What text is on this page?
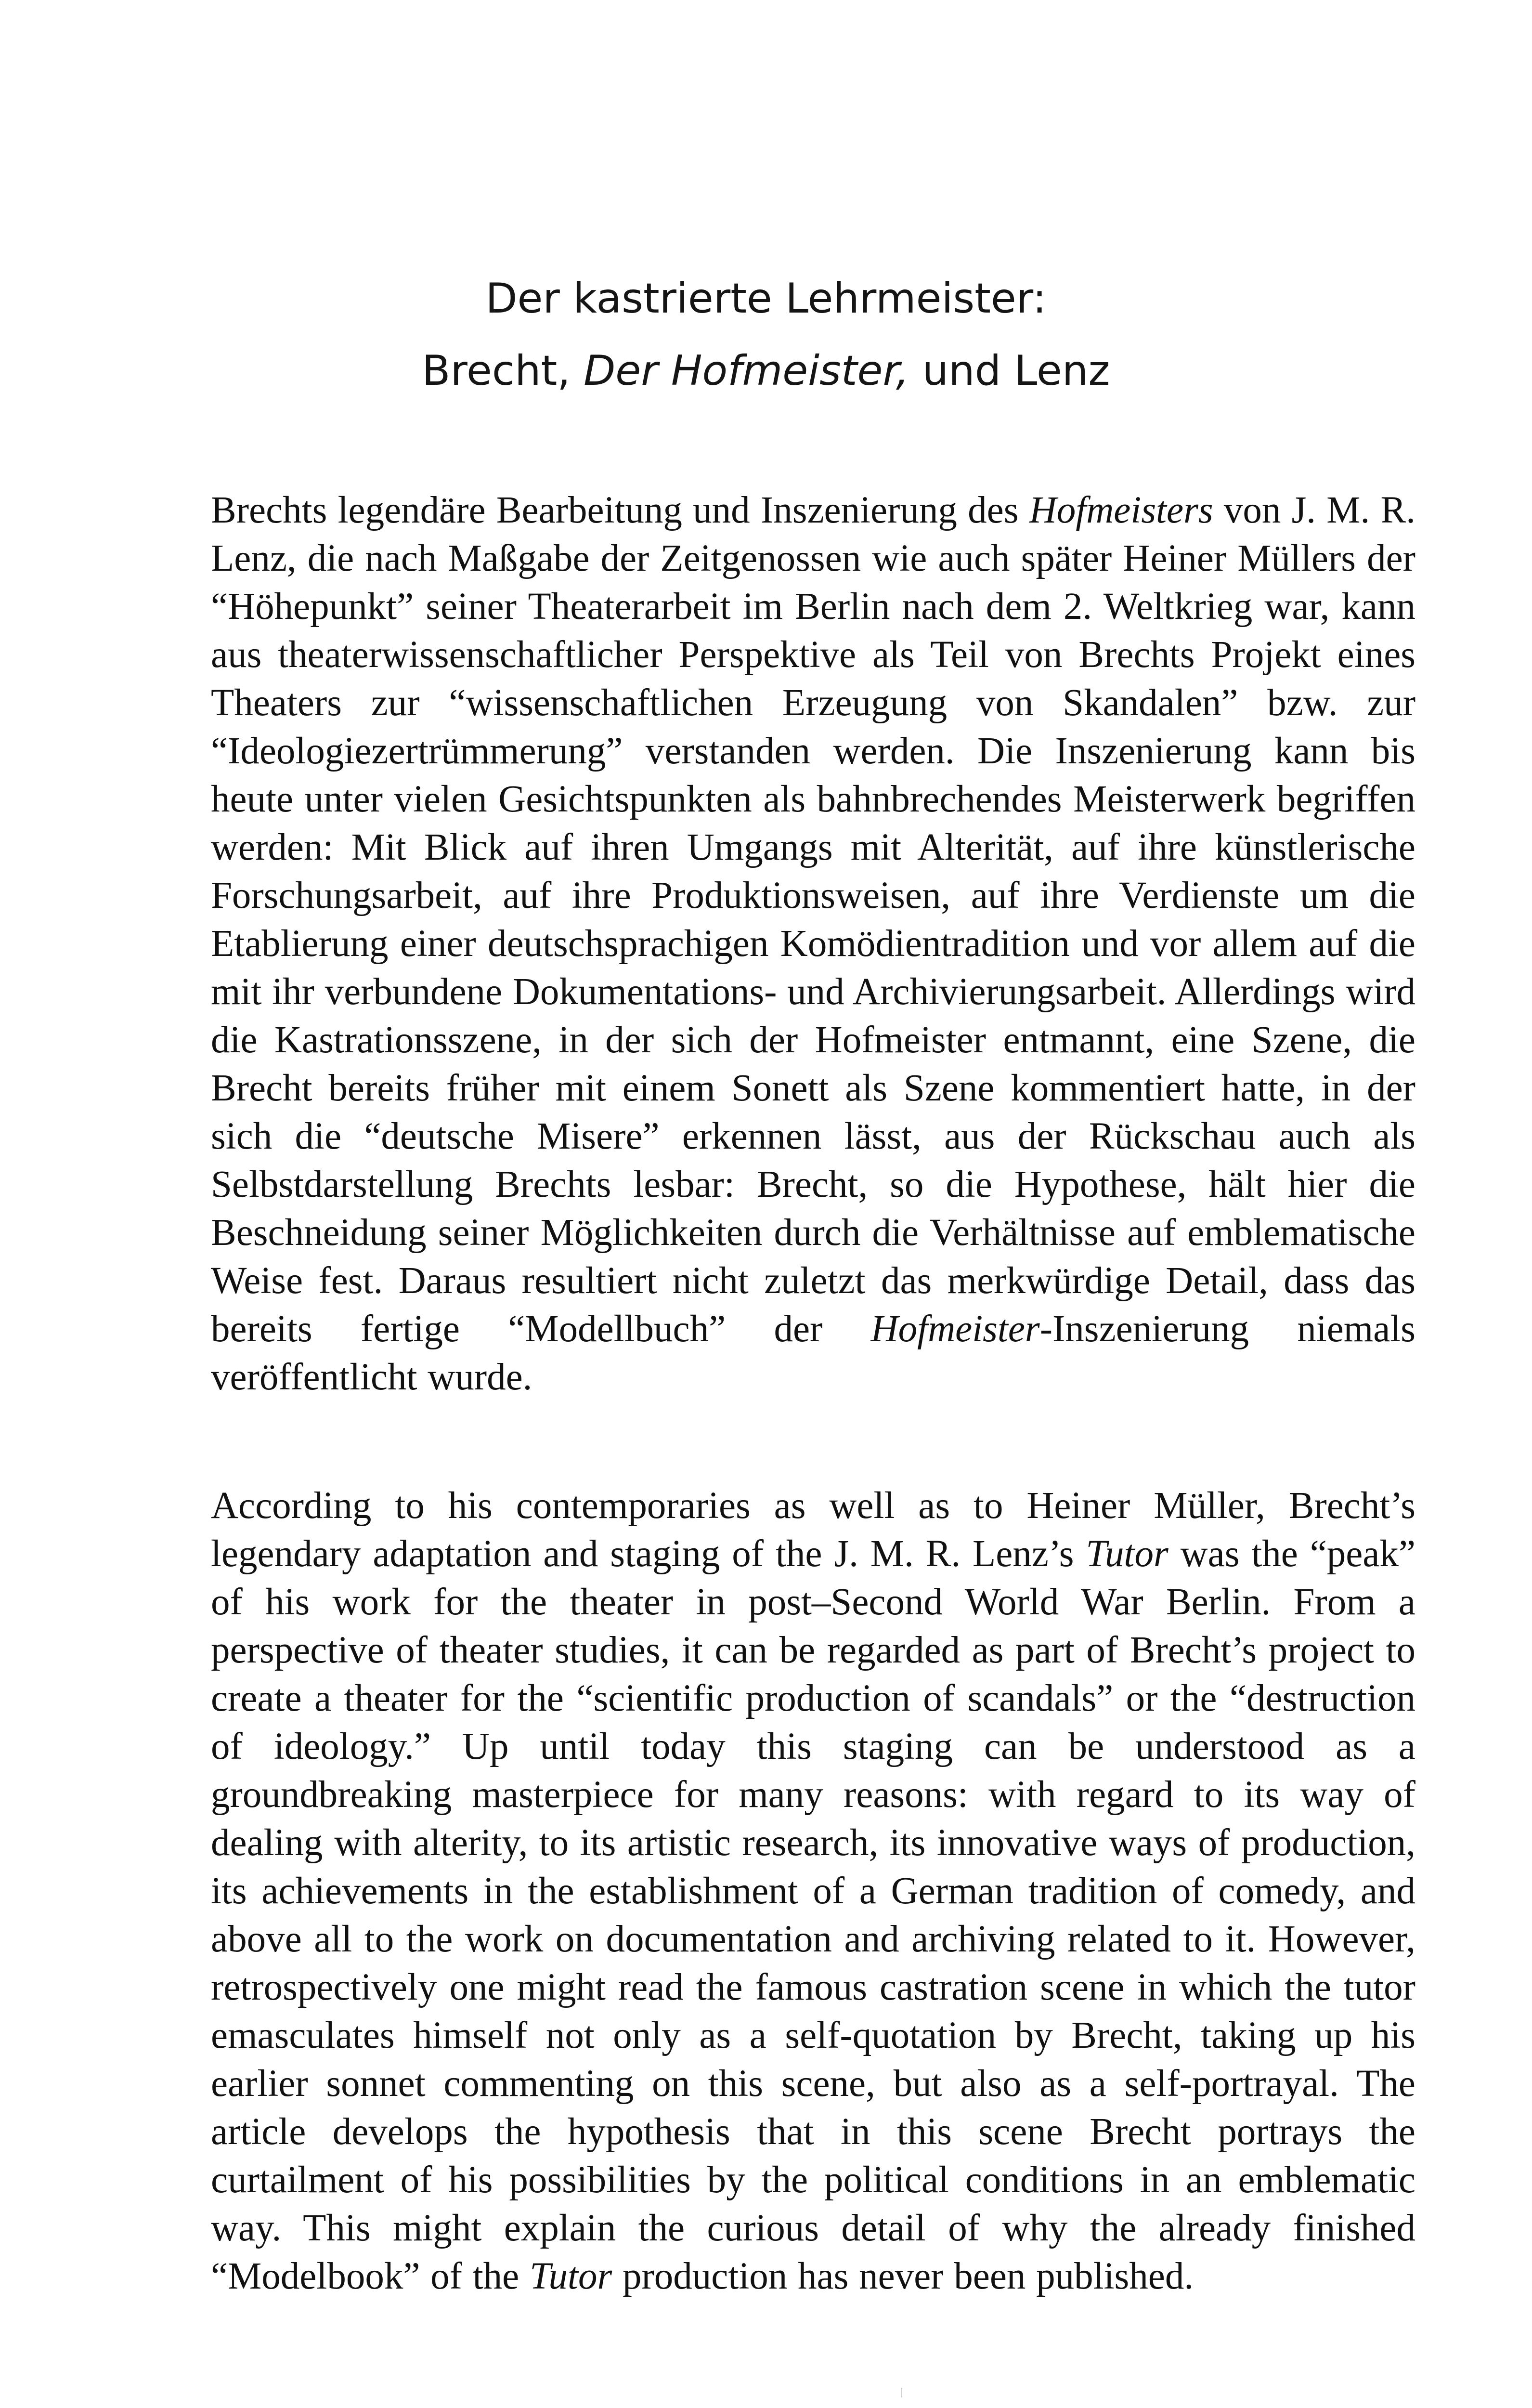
Der kastrierte Lehrmeister:
Brecht, Der Hofmeister, und Lenz
Brechts legendäre Bearbeitung und Inszenierung des Hofmeisters von J. M. R. Lenz, die nach Maßgabe der Zeitgenossen wie auch später Heiner Müllers der “Höhepunkt” seiner Theaterarbeit im Berlin nach dem 2. Weltkrieg war, kann aus theaterwissenschaftlicher Perspektive als Teil von Brechts Projekt eines Theaters zur “wissenschaftlichen Erzeugung von Skandalen” bzw. zur “Ideologiezertrümmerung” verstanden werden. Die Inszenierung kann bis heute unter vielen Gesichtspunkten als bahnbrechendes Meisterwerk begriffen werden: Mit Blick auf ihren Umgangs mit Alterität, auf ihre künstlerische Forschungsarbeit, auf ihre Produktionsweisen, auf ihre Verdienste um die Etablierung einer deutschsprachigen Komödientradition und vor allem auf die mit ihr verbundene Dokumentations- und Archivierungsarbeit. Allerdings wird die Kastrationsszene, in der sich der Hofmeister entmannt, eine Szene, die Brecht bereits früher mit einem Sonett als Szene kommentiert hatte, in der sich die “deutsche Misere” erkennen lässt, aus der Rückschau auch als Selbstdarstellung Brechts lesbar: Brecht, so die Hypothese, hält hier die Beschneidung seiner Möglichkeiten durch die Verhältnisse auf emblematische Weise fest. Daraus resultiert nicht zuletzt das merkwürdige Detail, dass das bereits fertige “Modellbuch” der Hofmeister-Inszenierung niemals veröffentlicht wurde.
According to his contemporaries as well as to Heiner Müller, Brecht’s legendary adaptation and staging of the J. M. R. Lenz’s Tutor was the “peak” of his work for the theater in post–Second World War Berlin. From a perspective of theater studies, it can be regarded as part of Brecht’s project to create a theater for the “scientific production of scandals” or the “destruction of ideology.” Up until today this staging can be understood as a groundbreaking masterpiece for many reasons: with regard to its way of dealing with alterity, to its artistic research, its innovative ways of production, its achievements in the establishment of a German tradition of comedy, and above all to the work on documentation and archiving related to it. However, retrospectively one might read the famous castration scene in which the tutor emasculates himself not only as a self-quotation by Brecht, taking up his earlier sonnet commenting on this scene, but also as a self-portrayal. The article develops the hypothesis that in this scene Brecht portrays the curtailment of his possibilities by the political conditions in an emblematic way. This might explain the curious detail of why the already finished “Modelbook” of the Tutor production has never been published.
